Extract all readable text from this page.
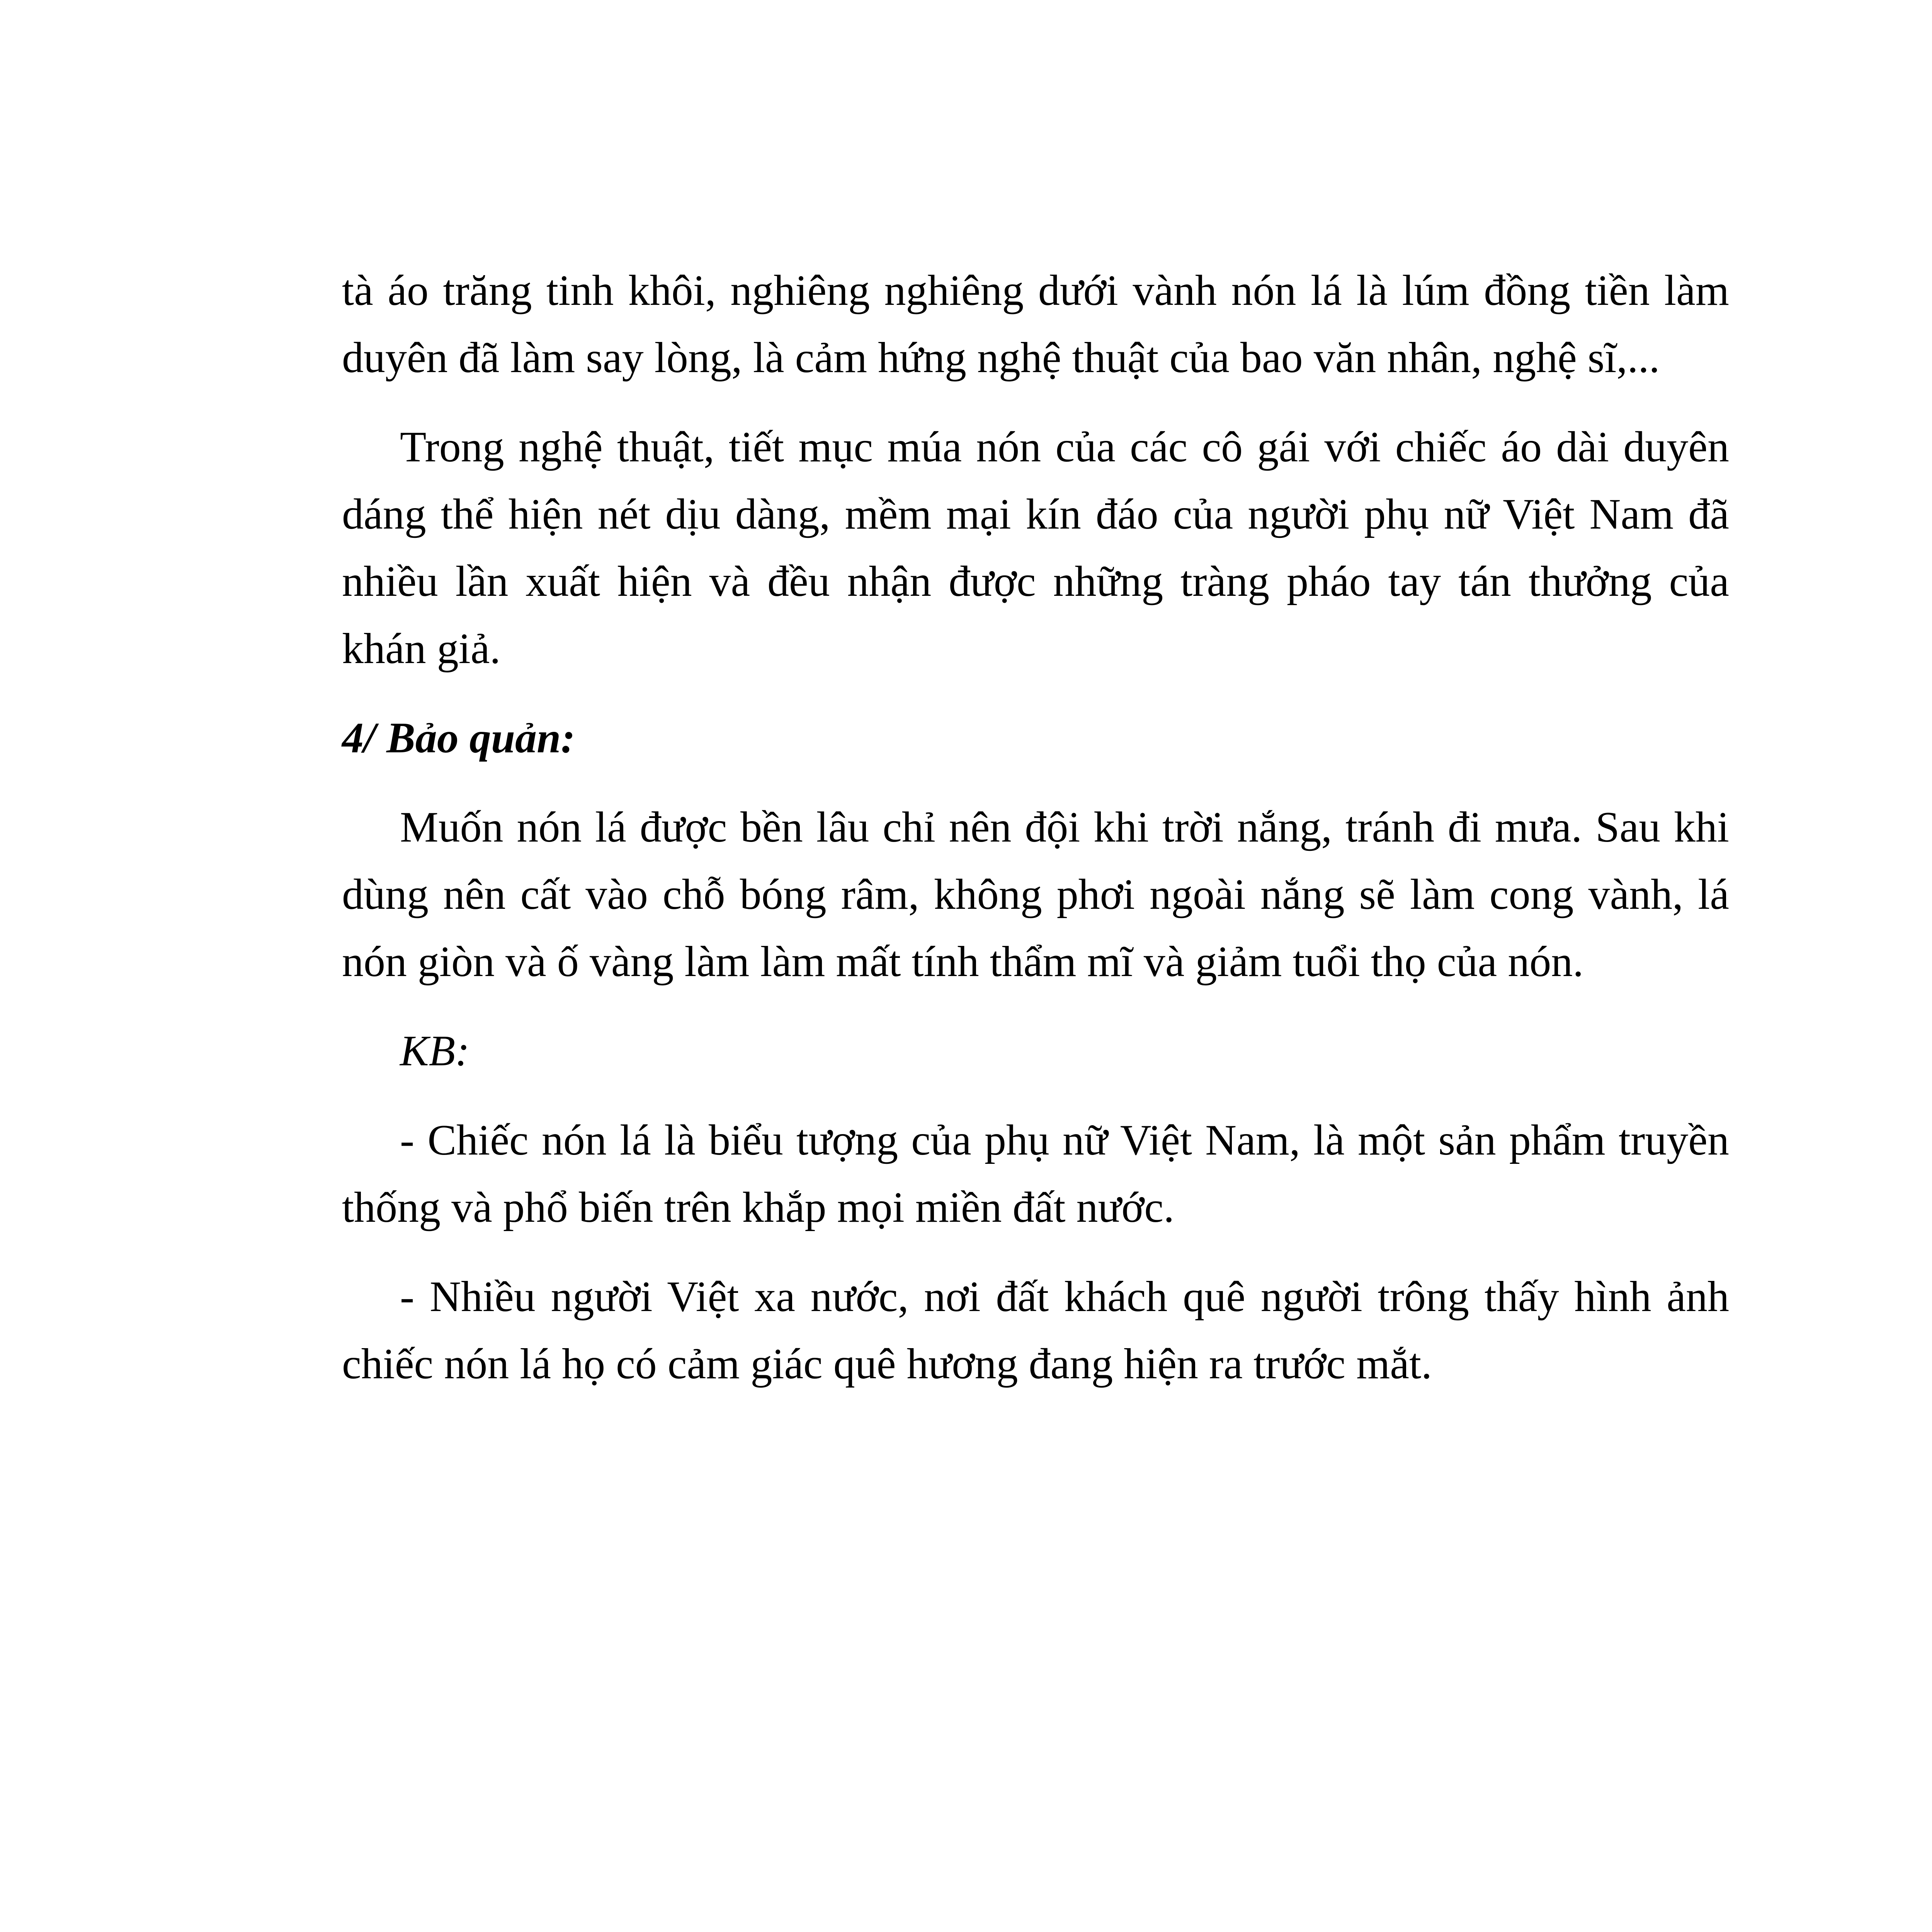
tà áo trăng tinh khôi, nghiêng nghiêng dưới vành nón lá là lúm đồng tiền làm duyên đã làm say lòng, là cảm hứng nghệ thuật của bao văn nhân, nghệ sĩ,...

Trong nghệ thuật, tiết mục múa nón của các cô gái với chiếc áo dài duyên dáng thể hiện nét dịu dàng, mềm mại kín đáo của người phụ nữ Việt Nam đã nhiều lần xuất hiện và đều nhận được những tràng pháo tay tán thưởng của khán giả.

4/ Bảo quản:

Muốn nón lá được bền lâu chỉ nên đội khi trời nắng, tránh đi mưa. Sau khi dùng nên cất vào chỗ bóng râm, không phơi ngoài nắng sẽ làm cong vành, lá nón giòn và ố vàng làm làm mất tính thẩm mĩ và giảm tuổi thọ của nón.

KB:

- Chiếc nón lá là biểu tượng của phụ nữ Việt Nam, là một sản phẩm truyền thống và phổ biến trên khắp mọi miền đất nước.

- Nhiều người Việt xa nước, nơi đất khách quê người trông thấy hình ảnh chiếc nón lá họ có cảm giác quê hương đang hiện ra trước mắt.
